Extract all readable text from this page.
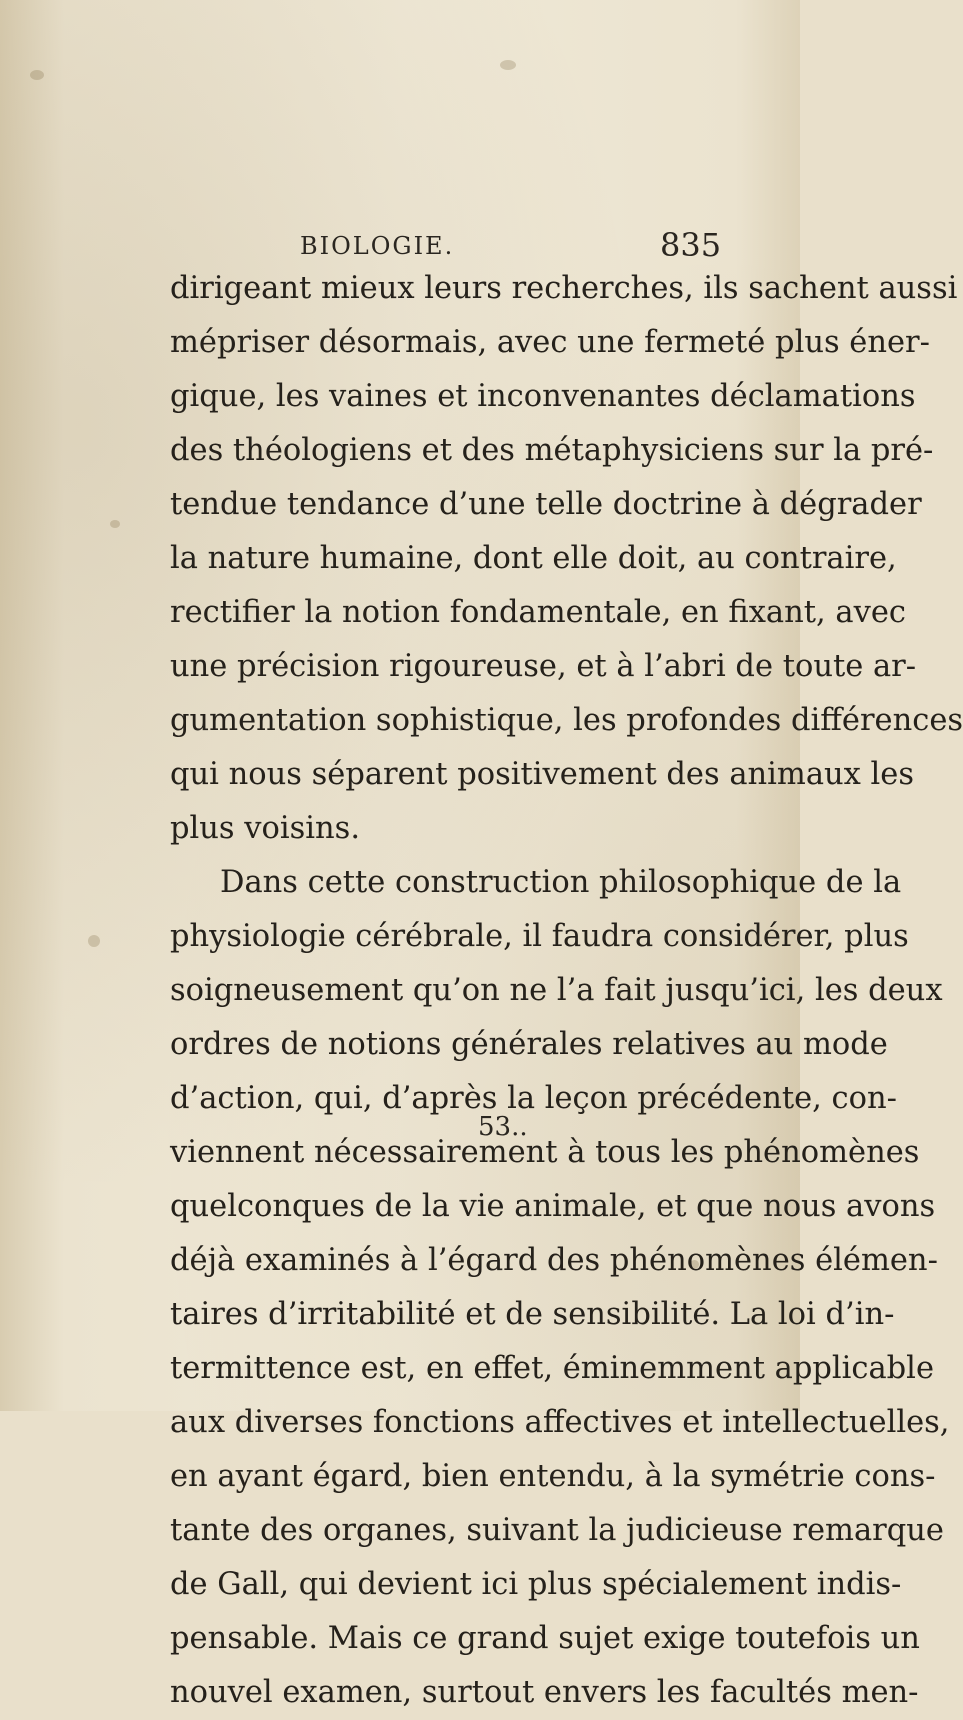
BIOLOGIE.	835
dirigeant mieux leurs recherches, ils sachent aussi
mépriser désormais, avec une fermeté plus éner-
gique, les vaines et inconvenantes déclamations
des théologiens et des métaphysiciens sur la pré-
tendue tendance d’une telle doctrine à dégrader
la nature humaine, dont elle doit, au contraire,
rectifier la notion fondamentale, en fixant, avec
une précision rigoureuse, et à l’abri de toute ar-
gumentation sophistique, les profondes différences
qui nous séparent positivement des animaux les
plus voisins.
Dans cette construction philosophique de la
physiologie cérébrale, il faudra considérer, plus
soigneusement qu’on ne l’a fait jusqu’ici, les deux
ordres de notions générales relatives au mode
d’action, qui, d’après la leçon précédente, con-
viennent nécessairement à tous les phénomènes
quelconques de la vie animale, et que nous avons
déjà examinés à l’égard des phénomènes élémen-
taires d’irritabilité et de sensibilité. La loi d’in-
termittence est, en effet, éminemment applicable
aux diverses fonctions affectives et intellectuelles,
en ayant égard, bien entendu, à la symétrie cons-
tante des organes, suivant la judicieuse remarque
de Gall, qui devient ici plus spécialement indis-
pensable. Mais ce grand sujet exige toutefois un
nouvel examen, surtout envers les facultés men-
53..
